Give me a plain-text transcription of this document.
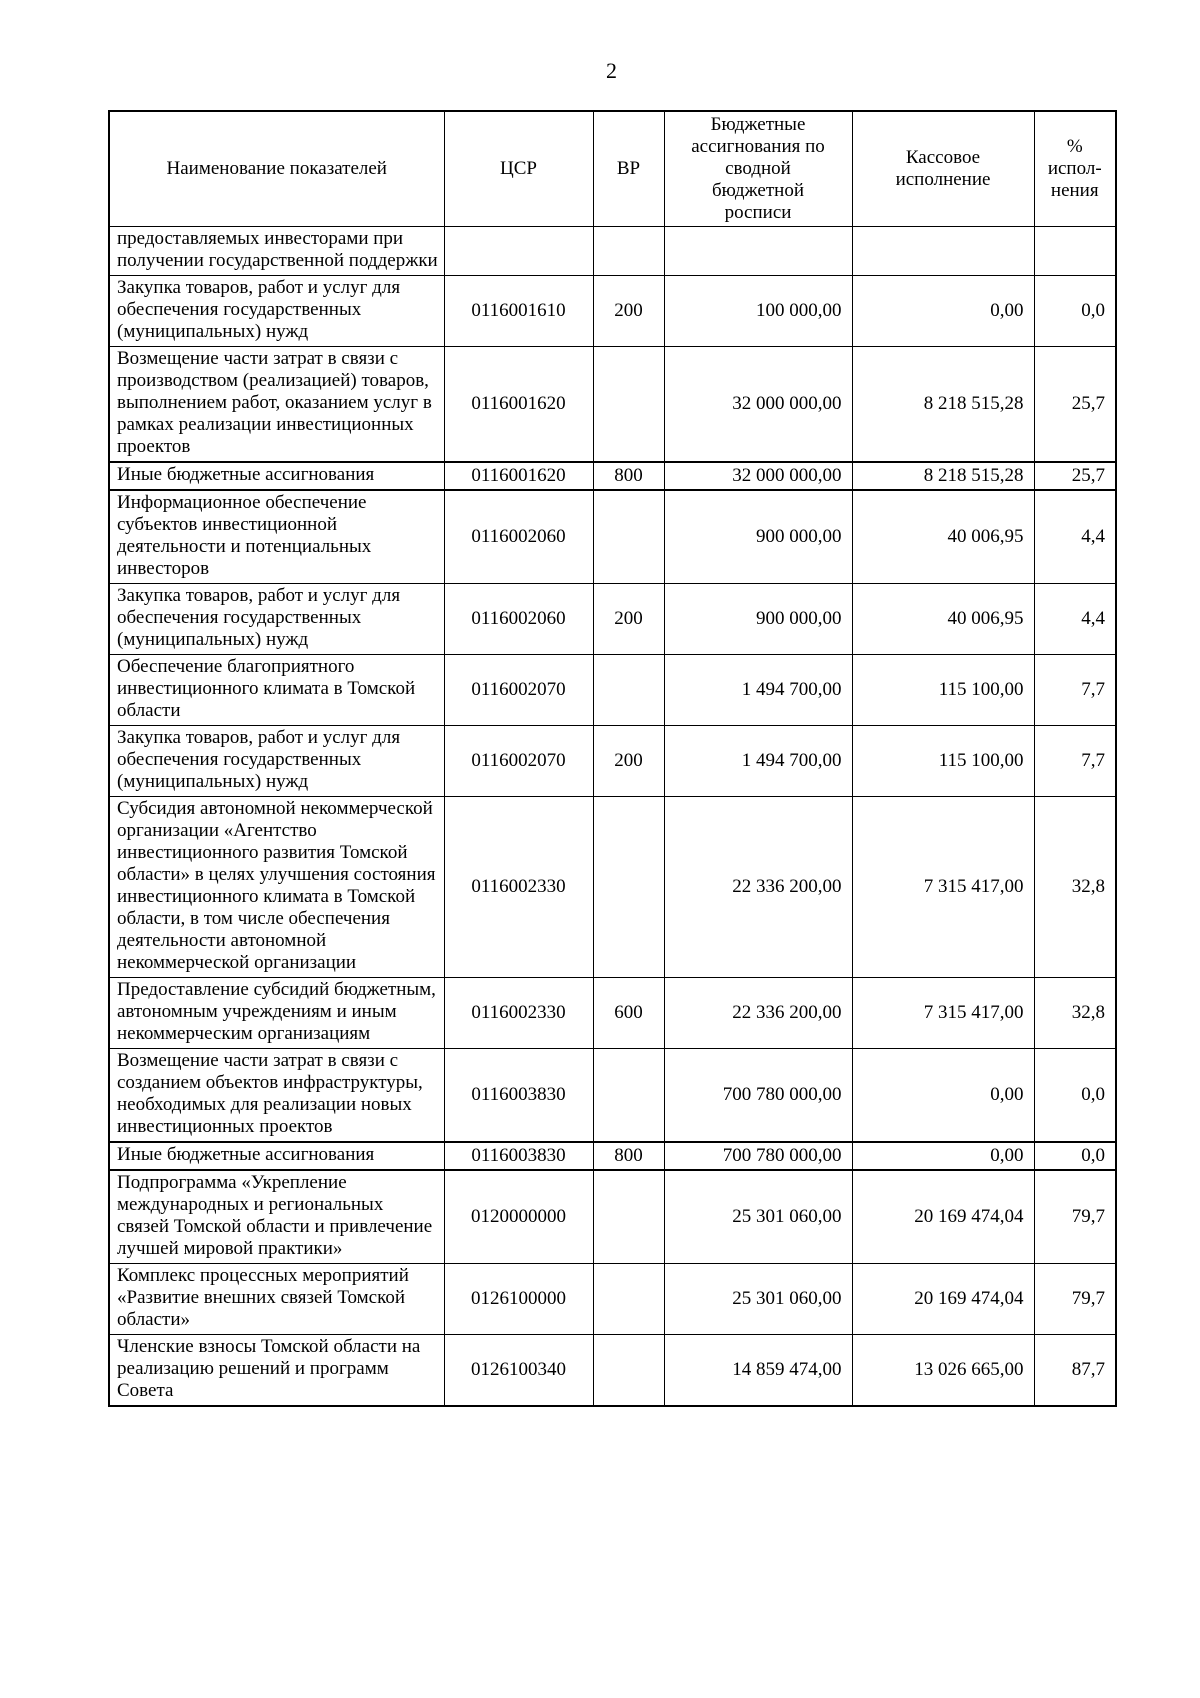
2
Наименование показателей	ЦСР	ВР	Бюджетные ассигнования по сводной бюджетной росписи	Кассовое исполнение	% испол-нения
предоставляемых инвесторами при получении государственной поддержки					
Закупка товаров, работ и услуг для обеспечения государственных (муниципальных) нужд	0116001610	200	100 000,00	0,00	0,0
Возмещение части затрат в связи с производством (реализацией) товаров, выполнением работ, оказанием услуг в рамках реализации инвестиционных проектов	0116001620		32 000 000,00	8 218 515,28	25,7
Иные бюджетные ассигнования	0116001620	800	32 000 000,00	8 218 515,28	25,7
Информационное обеспечение субъектов инвестиционной деятельности и потенциальных инвесторов	0116002060		900 000,00	40 006,95	4,4
Закупка товаров, работ и услуг для обеспечения государственных (муниципальных) нужд	0116002060	200	900 000,00	40 006,95	4,4
Обеспечение благоприятного инвестиционного климата в Томской области	0116002070		1 494 700,00	115 100,00	7,7
Закупка товаров, работ и услуг для обеспечения государственных (муниципальных) нужд	0116002070	200	1 494 700,00	115 100,00	7,7
Субсидия автономной некоммерческой организации «Агентство инвестиционного развития Томской области» в целях улучшения состояния инвестиционного климата в Томской области, в том числе обеспечения деятельности автономной некоммерческой организации	0116002330		22 336 200,00	7 315 417,00	32,8
Предоставление субсидий бюджетным, автономным учреждениям и иным некоммерческим организациям	0116002330	600	22 336 200,00	7 315 417,00	32,8
Возмещение части затрат в связи с созданием объектов инфраструктуры, необходимых для реализации новых инвестиционных проектов	0116003830		700 780 000,00	0,00	0,0
Иные бюджетные ассигнования	0116003830	800	700 780 000,00	0,00	0,0
Подпрограмма «Укрепление международных и региональных связей Томской области и привлечение лучшей мировой практики»	0120000000		25 301 060,00	20 169 474,04	79,7
Комплекс процессных мероприятий «Развитие внешних связей Томской области»	0126100000		25 301 060,00	20 169 474,04	79,7
Членские взносы Томской области на реализацию решений и программ Совета	0126100340		14 859 474,00	13 026 665,00	87,7
